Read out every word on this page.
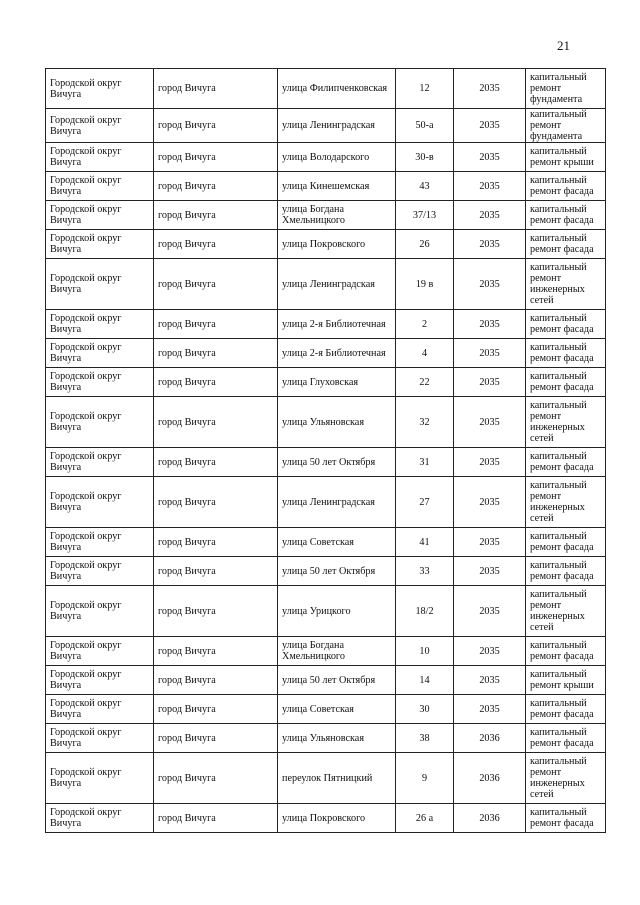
21
Городской округ Вичуга	город Вичуга	улица Филипченковская	12	2035	капитальный ремонт фундамента
Городской округ Вичуга	город Вичуга	улица Ленинградская	50-а	2035	капитальный ремонт фундамента
Городской округ Вичуга	город Вичуга	улица Володарского	30-в	2035	капитальный ремонт крыши
Городской округ Вичуга	город Вичуга	улица Кинешемская	43	2035	капитальный ремонт фасада
Городской округ Вичуга	город Вичуга	улица Богдана Хмельницкого	37/13	2035	капитальный ремонт фасада
Городской округ Вичуга	город Вичуга	улица Покровского	26	2035	капитальный ремонт фасада
Городской округ Вичуга	город Вичуга	улица Ленинградская	19 в	2035	капитальный ремонт инженерных сетей
Городской округ Вичуга	город Вичуга	улица 2-я Библиотечная	2	2035	капитальный ремонт фасада
Городской округ Вичуга	город Вичуга	улица 2-я Библиотечная	4	2035	капитальный ремонт фасада
Городской округ Вичуга	город Вичуга	улица Глуховская	22	2035	капитальный ремонт фасада
Городской округ Вичуга	город Вичуга	улица Ульяновская	32	2035	капитальный ремонт инженерных сетей
Городской округ Вичуга	город Вичуга	улица 50 лет Октября	31	2035	капитальный ремонт фасада
Городской округ Вичуга	город Вичуга	улица Ленинградская	27	2035	капитальный ремонт инженерных сетей
Городской округ Вичуга	город Вичуга	улица Советская	41	2035	капитальный ремонт фасада
Городской округ Вичуга	город Вичуга	улица 50 лет Октября	33	2035	капитальный ремонт фасада
Городской округ Вичуга	город Вичуга	улица Урицкого	18/2	2035	капитальный ремонт инженерных сетей
Городской округ Вичуга	город Вичуга	улица Богдана Хмельницкого	10	2035	капитальный ремонт фасада
Городской округ Вичуга	город Вичуга	улица 50 лет Октября	14	2035	капитальный ремонт крыши
Городской округ Вичуга	город Вичуга	улица Советская	30	2035	капитальный ремонт фасада
Городской округ Вичуга	город Вичуга	улица Ульяновская	38	2036	капитальный ремонт фасада
Городской округ Вичуга	город Вичуга	переулок Пятницкий	9	2036	капитальный ремонт инженерных сетей
Городской округ Вичуга	город Вичуга	улица Покровского	26 а	2036	капитальный ремонт фасада
